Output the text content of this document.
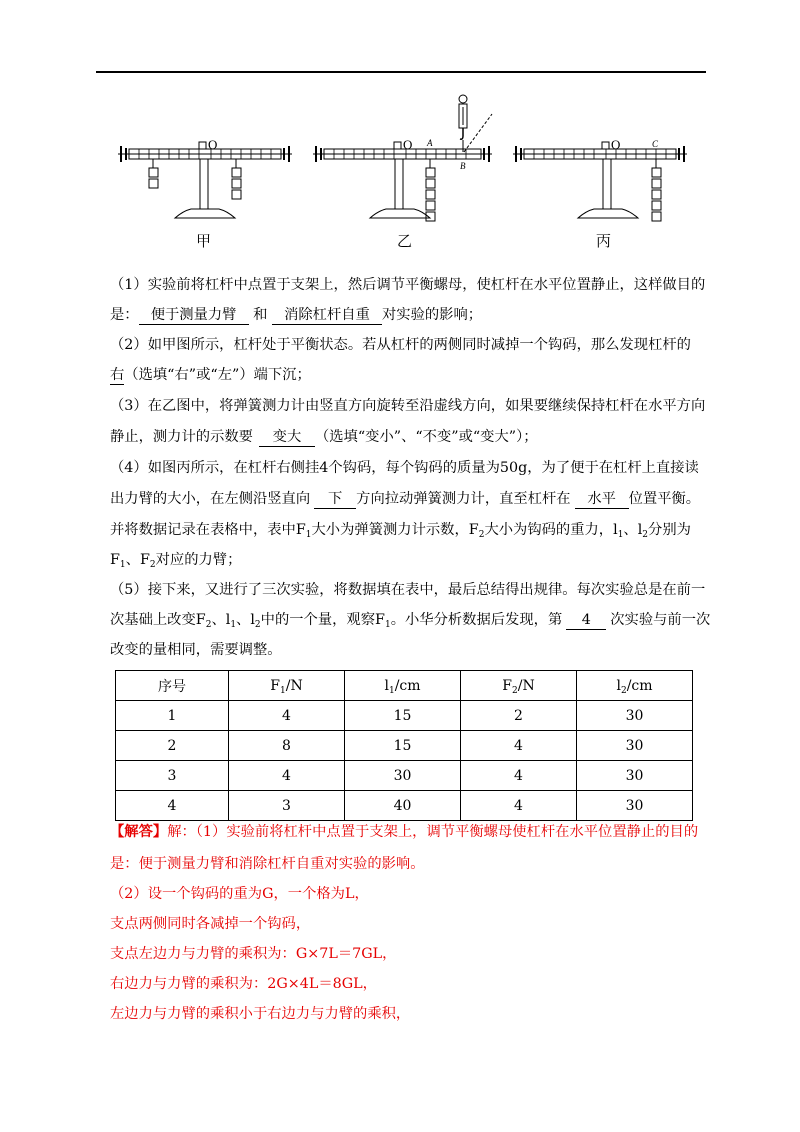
O	O A
B
O	C
甲	乙	丙
（1）实验前将杠杆中点置于支架上，然后调节平衡螺母，使杠杆在水平位置静止，这样做目的
是： 便于测量力臂 和 消除杠杆自重 对实验的影响；
（2）如甲图所示，杠杆处于平衡状态。若从杠杆的两侧同时减掉一个钩码，那么发现杠杆的
右（选填“右”或“左”）端下沉；
（3）在乙图中，将弹簧测力计由竖直方向旋转至沿虚线方向，如果要继续保持杠杆在水平方向
静止，测力计的示数要 变大 （选填“变小”、“不变”或“变大”）；
（4）如图丙所示，在杠杆右侧挂4个钩码，每个钩码的质量为50g，为了便于在杠杆上直接读
出力臂的大小，在左侧沿竖直向 下 方向拉动弹簧测力计，直至杠杆在 水平 位置平衡。
并将数据记录在表格中，表中$F_1$大小为弹簧测力计示数，$F_2$大小为钩码的重力，$l_1$、$l_2$分别为
$F_1$、$F_2$对应的力臂；
（5）接下来，又进行了三次实验，将数据填在表中，最后总结得出规律。每次实验总是在前一
次基础上改变$F_2$、$l_1$、$l_2$中的一个量，观察$F_1$。小华分析数据后发现，第 4 次实验与前一次
改变的量相同，需要调整。
序号	$F_1/N$	$l_1/cm$	$F_2/N$	$l_2/cm$
1	4	15	2	30
2	8	15	4	30
3	4	30	4	30
4	3	40	4	30
【解答】解：（1）实验前将杠杆中点置于支架上，调节平衡螺母使杠杆在水平位置静止的目的
是：便于测量力臂和消除杠杆自重对实验的影响。
（2）设一个钩码的重为G，一个格为L，
支点两侧同时各减掉一个钩码，
支点左边力与力臂的乘积为：G×7L＝7GL，
右边力与力臂的乘积为：2G×4L＝8GL，
左边力与力臂的乘积小于右边力与力臂的乘积，
